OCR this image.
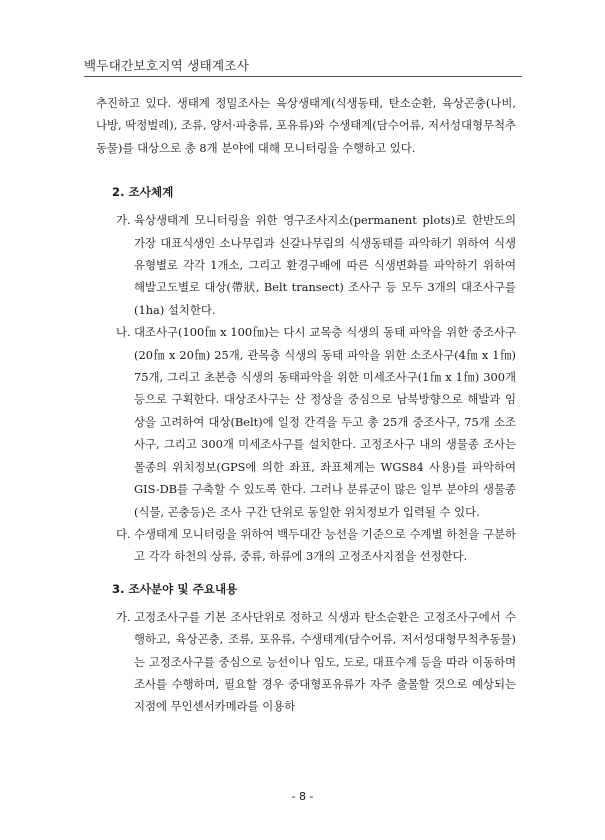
백두대간보호지역 생태계조사

추진하고 있다. 생태계 정밀조사는 육상생태계(식생동태, 탄소순환, 육상곤충(나비, 나방, 딱정벌레), 조류, 양서·파충류, 포유류)와 수생태계(담수어류, 저서성대형무척추동물)를 대상으로 총 8개 분야에 대해 모니터링을 수행하고 있다.

2. 조사체계
가. 육상생태계 모니터링을 위한 영구조사지소(permanent plots)로 한반도의 가장 대표식생인 소나무림과 신갈나무림의 식생동태를 파악하기 위하여 식생유형별로 각각 1개소, 그리고 환경구배에 따른 식생변화를 파악하기 위하여 해발고도별로 대상(帶狀, Belt transect) 조사구 등 모두 3개의 대조사구를(1ha) 설치한다.
나. 대조사구(100㎙ x 100㎙)는 다시 교목층 식생의 동태 파악을 위한 중조사구(20㎙ x 20㎙) 25개, 관목층 식생의 동태 파악을 위한 소조사구(4㎙ x 1㎙) 75개, 그리고 초본층 식생의 동태파악을 위한 미세조사구(1㎙ x 1㎙) 300개 등으로 구획한다. 대상조사구는 산 정상을 중심으로 남북방향으로 해발과 임상을 고려하여 대상(Belt)에 일정 간격을 두고 총 25개 중조사구, 75개 소조사구, 그리고 300개 미세조사구를 설치한다. 고정조사구 내의 생물종 조사는 몰종의 위치정보(GPS에 의한 좌표, 좌표체계는 WGS84 사용)를 파악하여 GIS-DB를 구축할 수 있도록 한다. 그러나 분류군이 많은 일부 분야의 생물종(식물, 곤충등)은 조사 구간 단위로 동일한 위치정보가 입력될 수 있다.
다. 수생태계 모니터링을 위하여 백두대간 능선을 기준으로 수계별 하천을 구분하고 각각 하천의 상류, 중류, 하류에 3개의 고정조사지점을 선정한다.
3. 조사분야 및 주요내용
가. 고정조사구를 기본 조사단위로 정하고 식생과 탄소순환은 고정조사구에서 수행하고, 육상곤충, 조류, 포유류, 수생태계(담수어류, 저서성대형무척추동물)는 고정조사구를 중심으로 능선이나 임도, 도로, 대표수계 등을 따라 이동하며 조사를 수행하며, 필요할 경우 중대형포유류가 자주 출몰할 것으로 예상되는 지점에 무인센서카메라를 이용하
- 8 -
